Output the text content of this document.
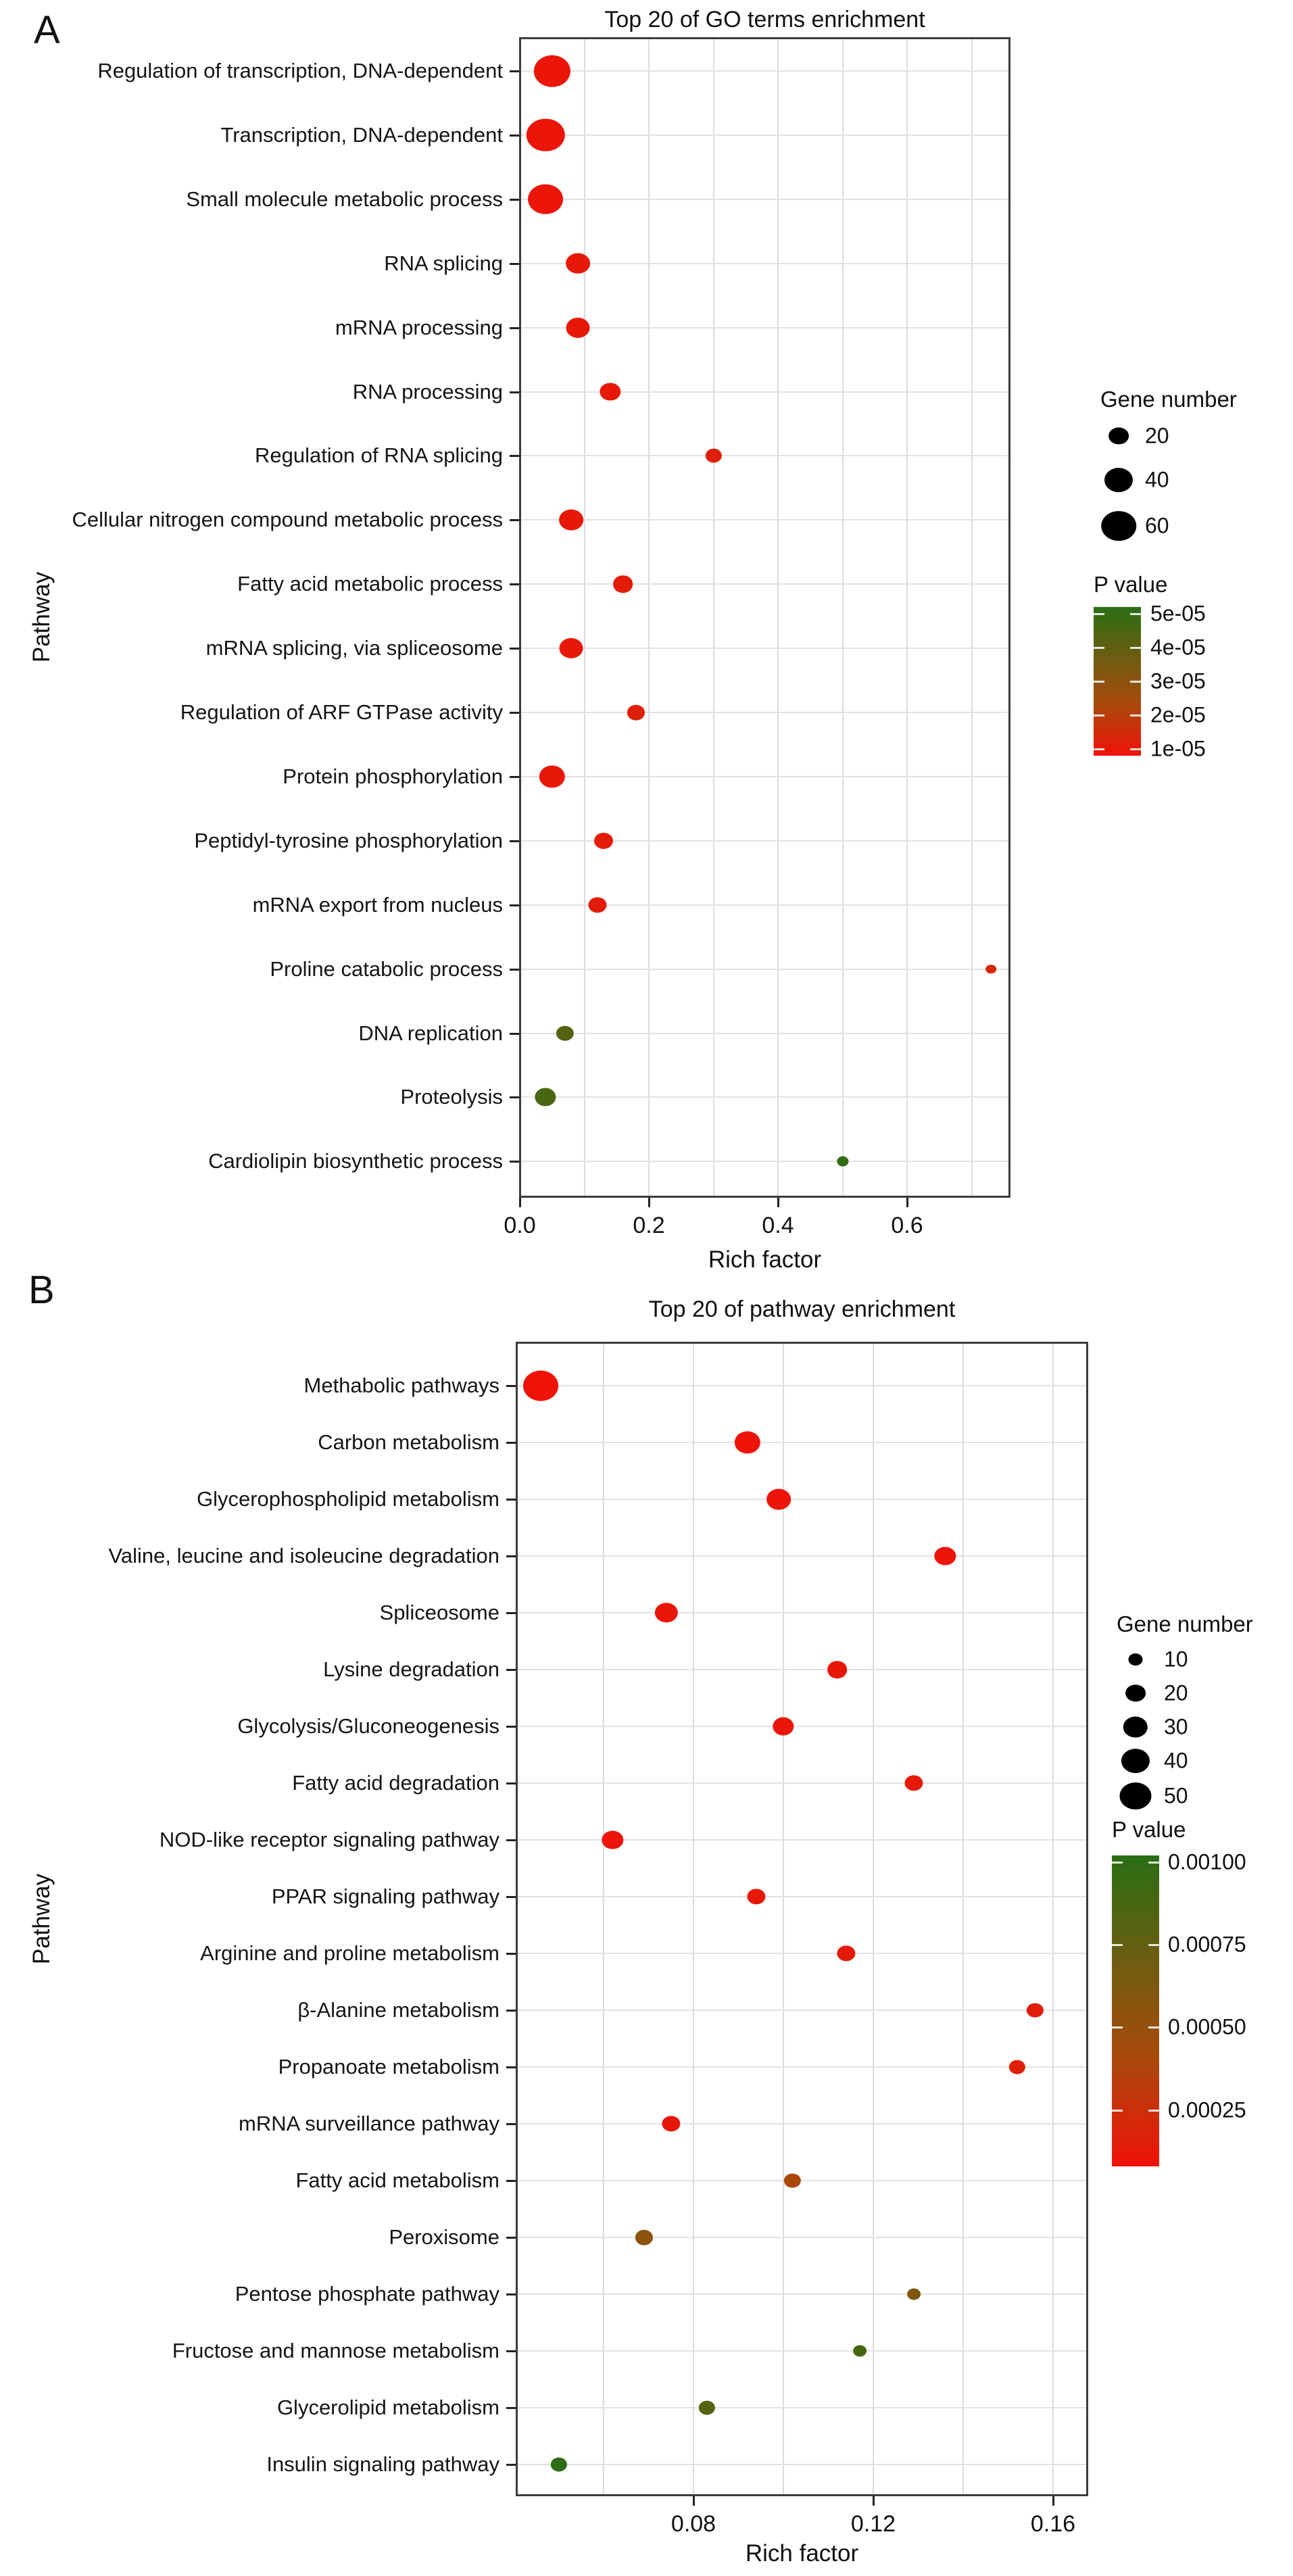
A	Top 20 of GO terms enrichment
Pathway
Rich factor
Gene number
P value
B	Top 20 of pathway enrichment
Pathway
Rich factor
Gene number
P value
Regulation of transcription, DNA-dependent
Transcription, DNA-dependent
Small molecule metabolic process
RNA splicing
mRNA processing
RNA processing
Regulation of RNA splicing
Cellular nitrogen compound metabolic process
Fatty acid metabolic process
mRNA splicing, via spliceosome
Regulation of ARF GTPase activity
Protein phosphorylation
Peptidyl-tyrosine phosphorylation
mRNA export from nucleus
Proline catabolic process
DNA replication
Proteolysis
Cardiolipin biosynthetic process
0.0	0.2	0.4	0.6
20
40
60
5e-05
4e-05
3e-05
2e-05
1e-05
Methabolic pathways
Carbon metabolism
Glycerophospholipid metabolism
Valine, leucine and isoleucine degradation
Spliceosome
Lysine degradation
Glycolysis/Gluconeogenesis
Fatty acid degradation
NOD-like receptor signaling pathway
PPAR signaling pathway
Arginine and proline metabolism
β-Alanine metabolism
Propanoate metabolism
mRNA surveillance pathway
Fatty acid metabolism
Peroxisome
Pentose phosphate pathway
Fructose and mannose metabolism
Glycerolipid metabolism
Insulin signaling pathway
0.08	0.12	0.16
10
20
30
40
50
0.00100
0.00075
0.00050
0.00025
